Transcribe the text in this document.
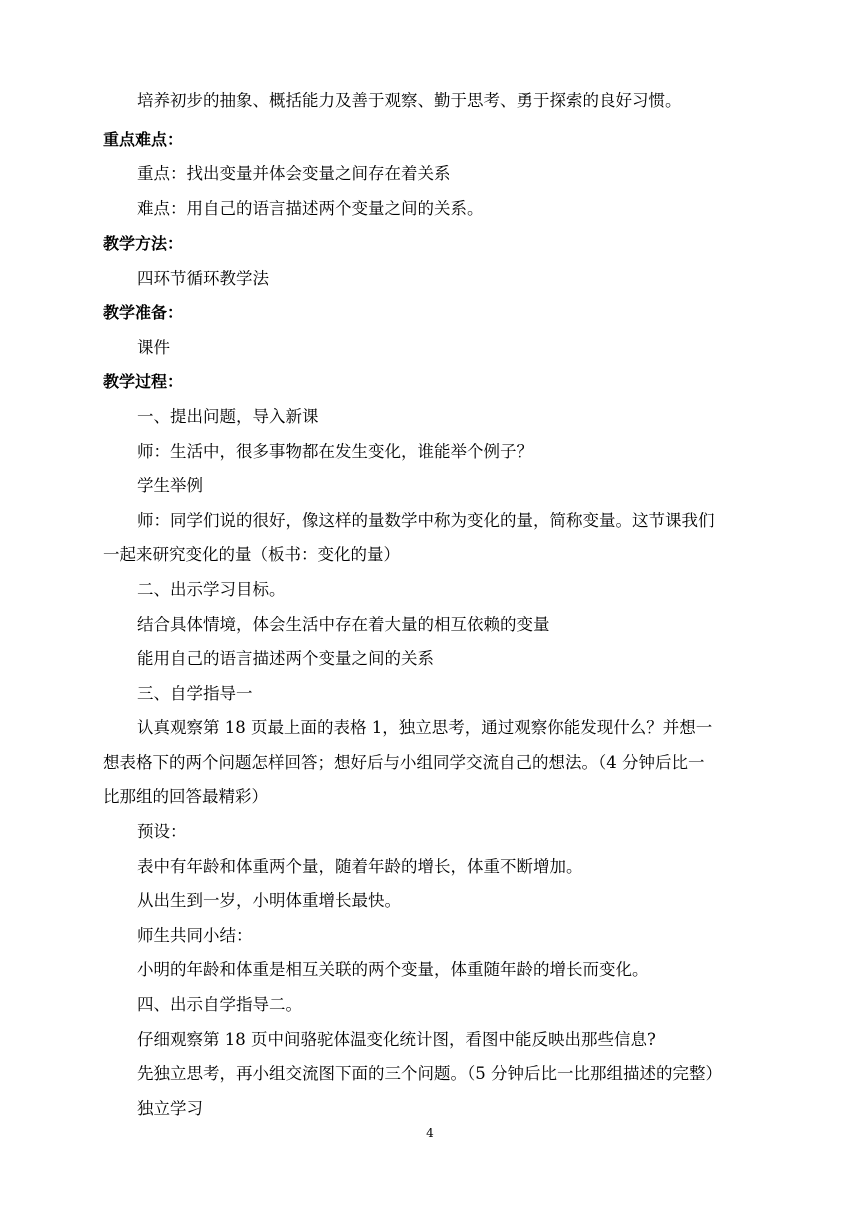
培养初步的抽象、概括能力及善于观察、勤于思考、勇于探索的良好习惯。
重点难点：
重点：找出变量并体会变量之间存在着关系
难点：用自己的语言描述两个变量之间的关系。
教学方法：
四环节循环教学法
教学准备：
课件
教学过程：
一、提出问题，导入新课
师：生活中，很多事物都在发生变化，谁能举个例子？
学生举例
师：同学们说的很好，像这样的量数学中称为变化的量，简称变量。这节课我们
一起来研究变化的量（板书：变化的量）
二、出示学习目标。
结合具体情境，体会生活中存在着大量的相互依赖的变量
能用自己的语言描述两个变量之间的关系
三、自学指导一
认真观察第 18 页最上面的表格 1，独立思考，通过观察你能发现什么？并想一
想表格下的两个问题怎样回答；想好后与小组同学交流自己的想法。（4 分钟后比一
比那组的回答最精彩）
预设：
表中有年龄和体重两个量，随着年龄的增长，体重不断增加。
从出生到一岁，小明体重增长最快。
师生共同小结：
小明的年龄和体重是相互关联的两个变量，体重随年龄的增长而变化。
四、出示自学指导二。
仔细观察第 18 页中间骆驼体温变化统计图，看图中能反映出那些信息?
先独立思考，再小组交流图下面的三个问题。（5 分钟后比一比那组描述的完整）
独立学习
4
